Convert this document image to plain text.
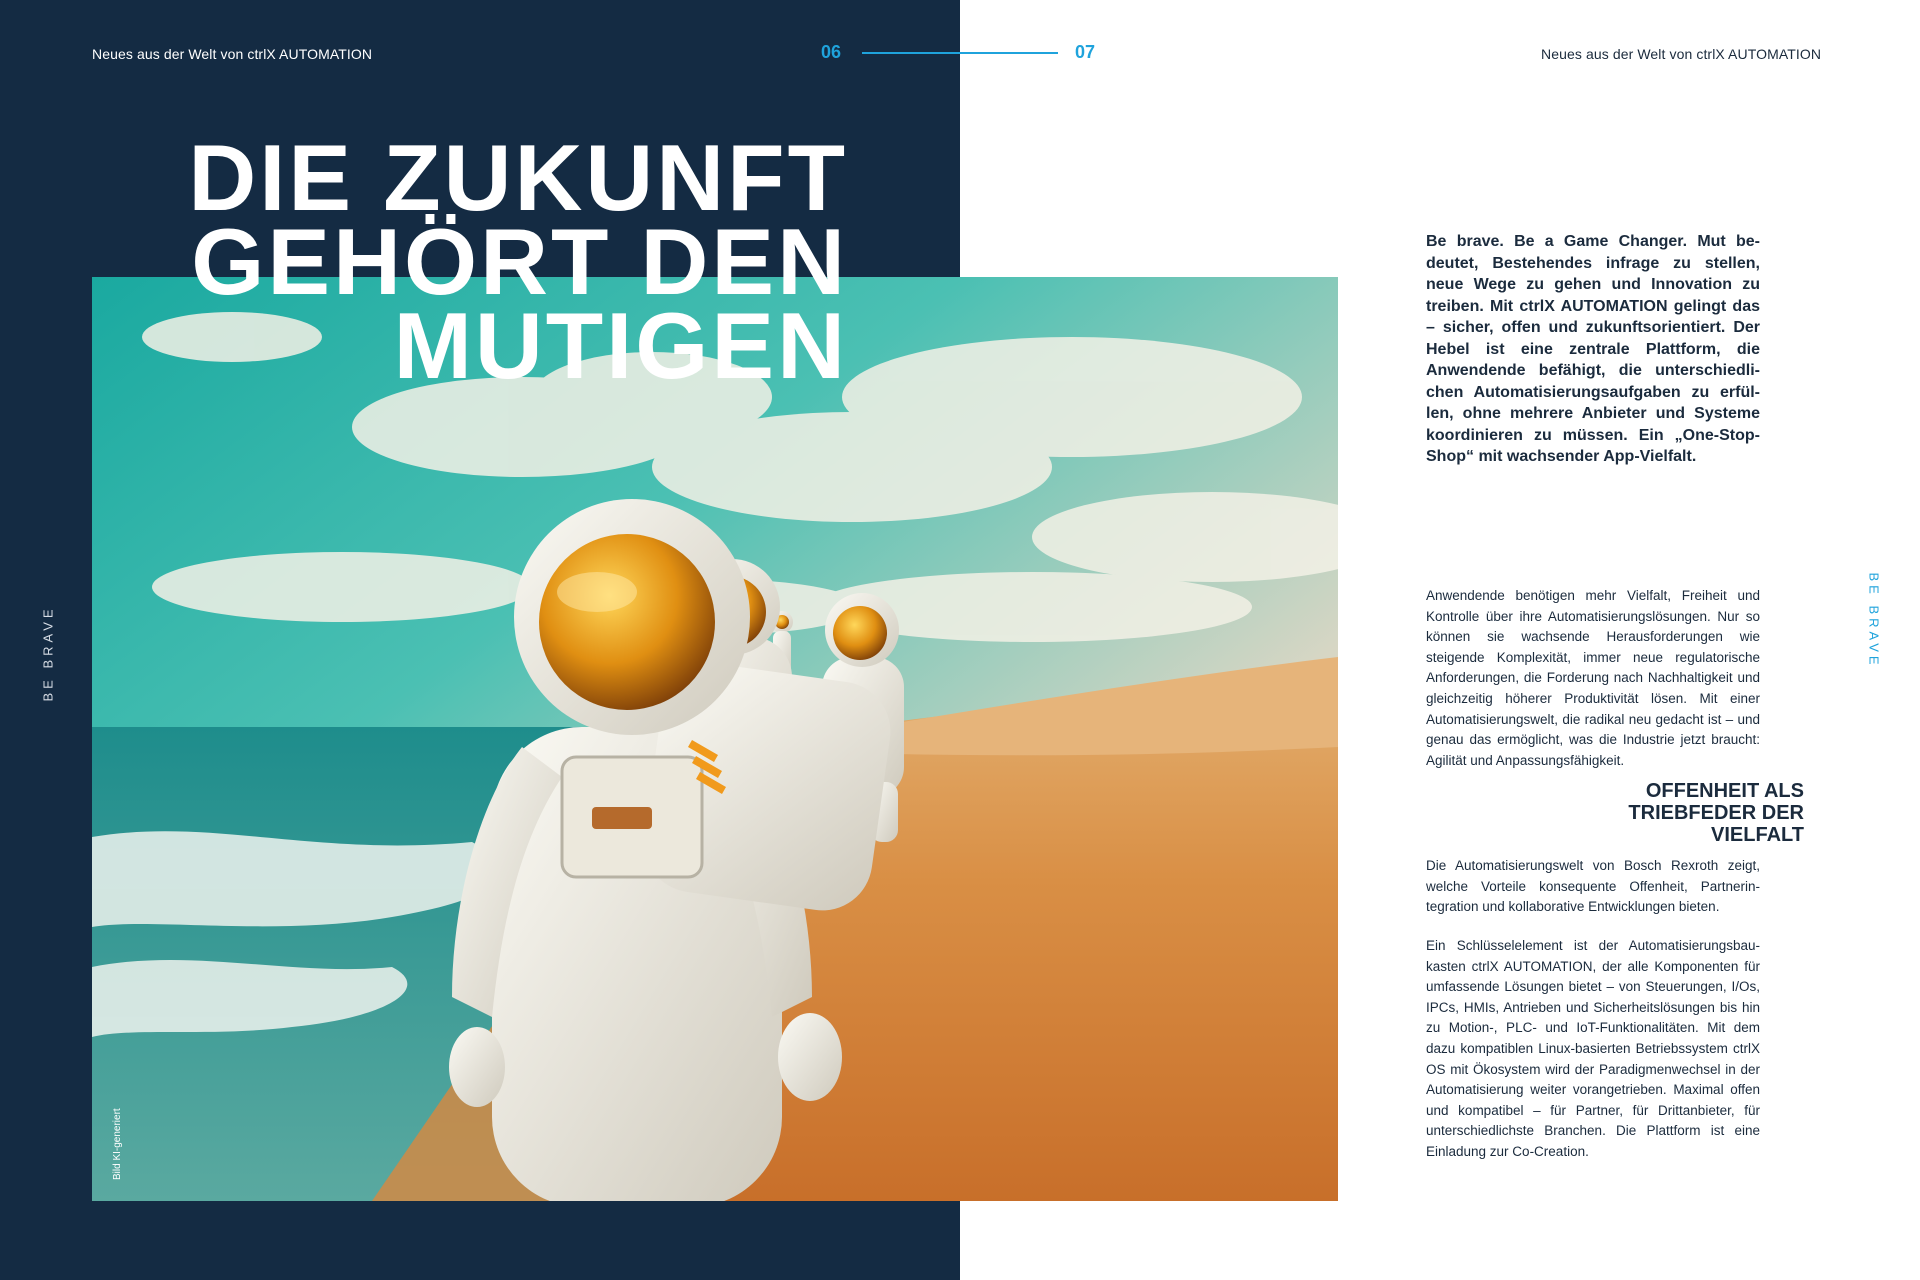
Neues aus der Welt von ctrlX AUTOMATION	06	07	Neues aus der Welt von ctrlX AUTOMATION
BE BRAVE	BE BRAVE
Bild KI-generiert
DIE ZUKUNFT
GEHÖRT DEN
MUTIGEN

Be brave. Be a Game Changer. Mut bedeutet, Bestehendes infrage zu stellen, neue Wege zu gehen und Innovation zu treiben. Mit ctrlX AUTOMATION gelingt das – sicher, offen und zukunftsorientiert. Der Hebel ist eine zentrale Plattform, die Anwendende befähigt, die unterschiedlichen Automatisierungsaufgaben zu erfüllen, ohne mehrere Anbieter und Systeme koordinieren zu müssen. Ein „One-Stop-Shop“ mit wachsender App-Vielfalt.

Anwendende benötigen mehr Vielfalt, Freiheit und Kontrolle über ihre Automatisierungslösungen. Nur so können sie wachsende Herausforderungen wie steigende Komplexität, immer neue regulatorische Anforderungen, die Forderung nach Nachhaltigkeit und gleichzeitig höherer Produktivität lösen. Mit einer Automatisierungswelt, die radikal neu gedacht ist – und genau das ermöglicht, was die Industrie jetzt braucht: Agilität und Anpassungsfähigkeit.

OFFENHEIT ALS
TRIEBFEDER DER
VIELFALT

Die Automatisierungswelt von Bosch Rexroth zeigt, welche Vorteile konsequente Offenheit, Partnerintegration und kollaborative Entwicklungen bieten.

Ein Schlüsselelement ist der Automatisierungsbaukasten ctrlX AUTOMATION, der alle Komponenten für umfassende Lösungen bietet – von Steuerungen, I/Os, IPCs, HMIs, Antrieben und Sicherheitslösungen bis hin zu Motion-, PLC- und IoT-Funktionalitäten. Mit dem dazu kompatiblen Linux-basierten Betriebssystem ctrlX OS mit Ökosystem wird der Paradigmenwechsel in der Automatisierung weiter vorangetrieben. Maximal offen und kompatibel – für Partner, für Drittanbieter, für unterschiedlichste Branchen. Die Plattform ist eine Einladung zur Co-Creation.
